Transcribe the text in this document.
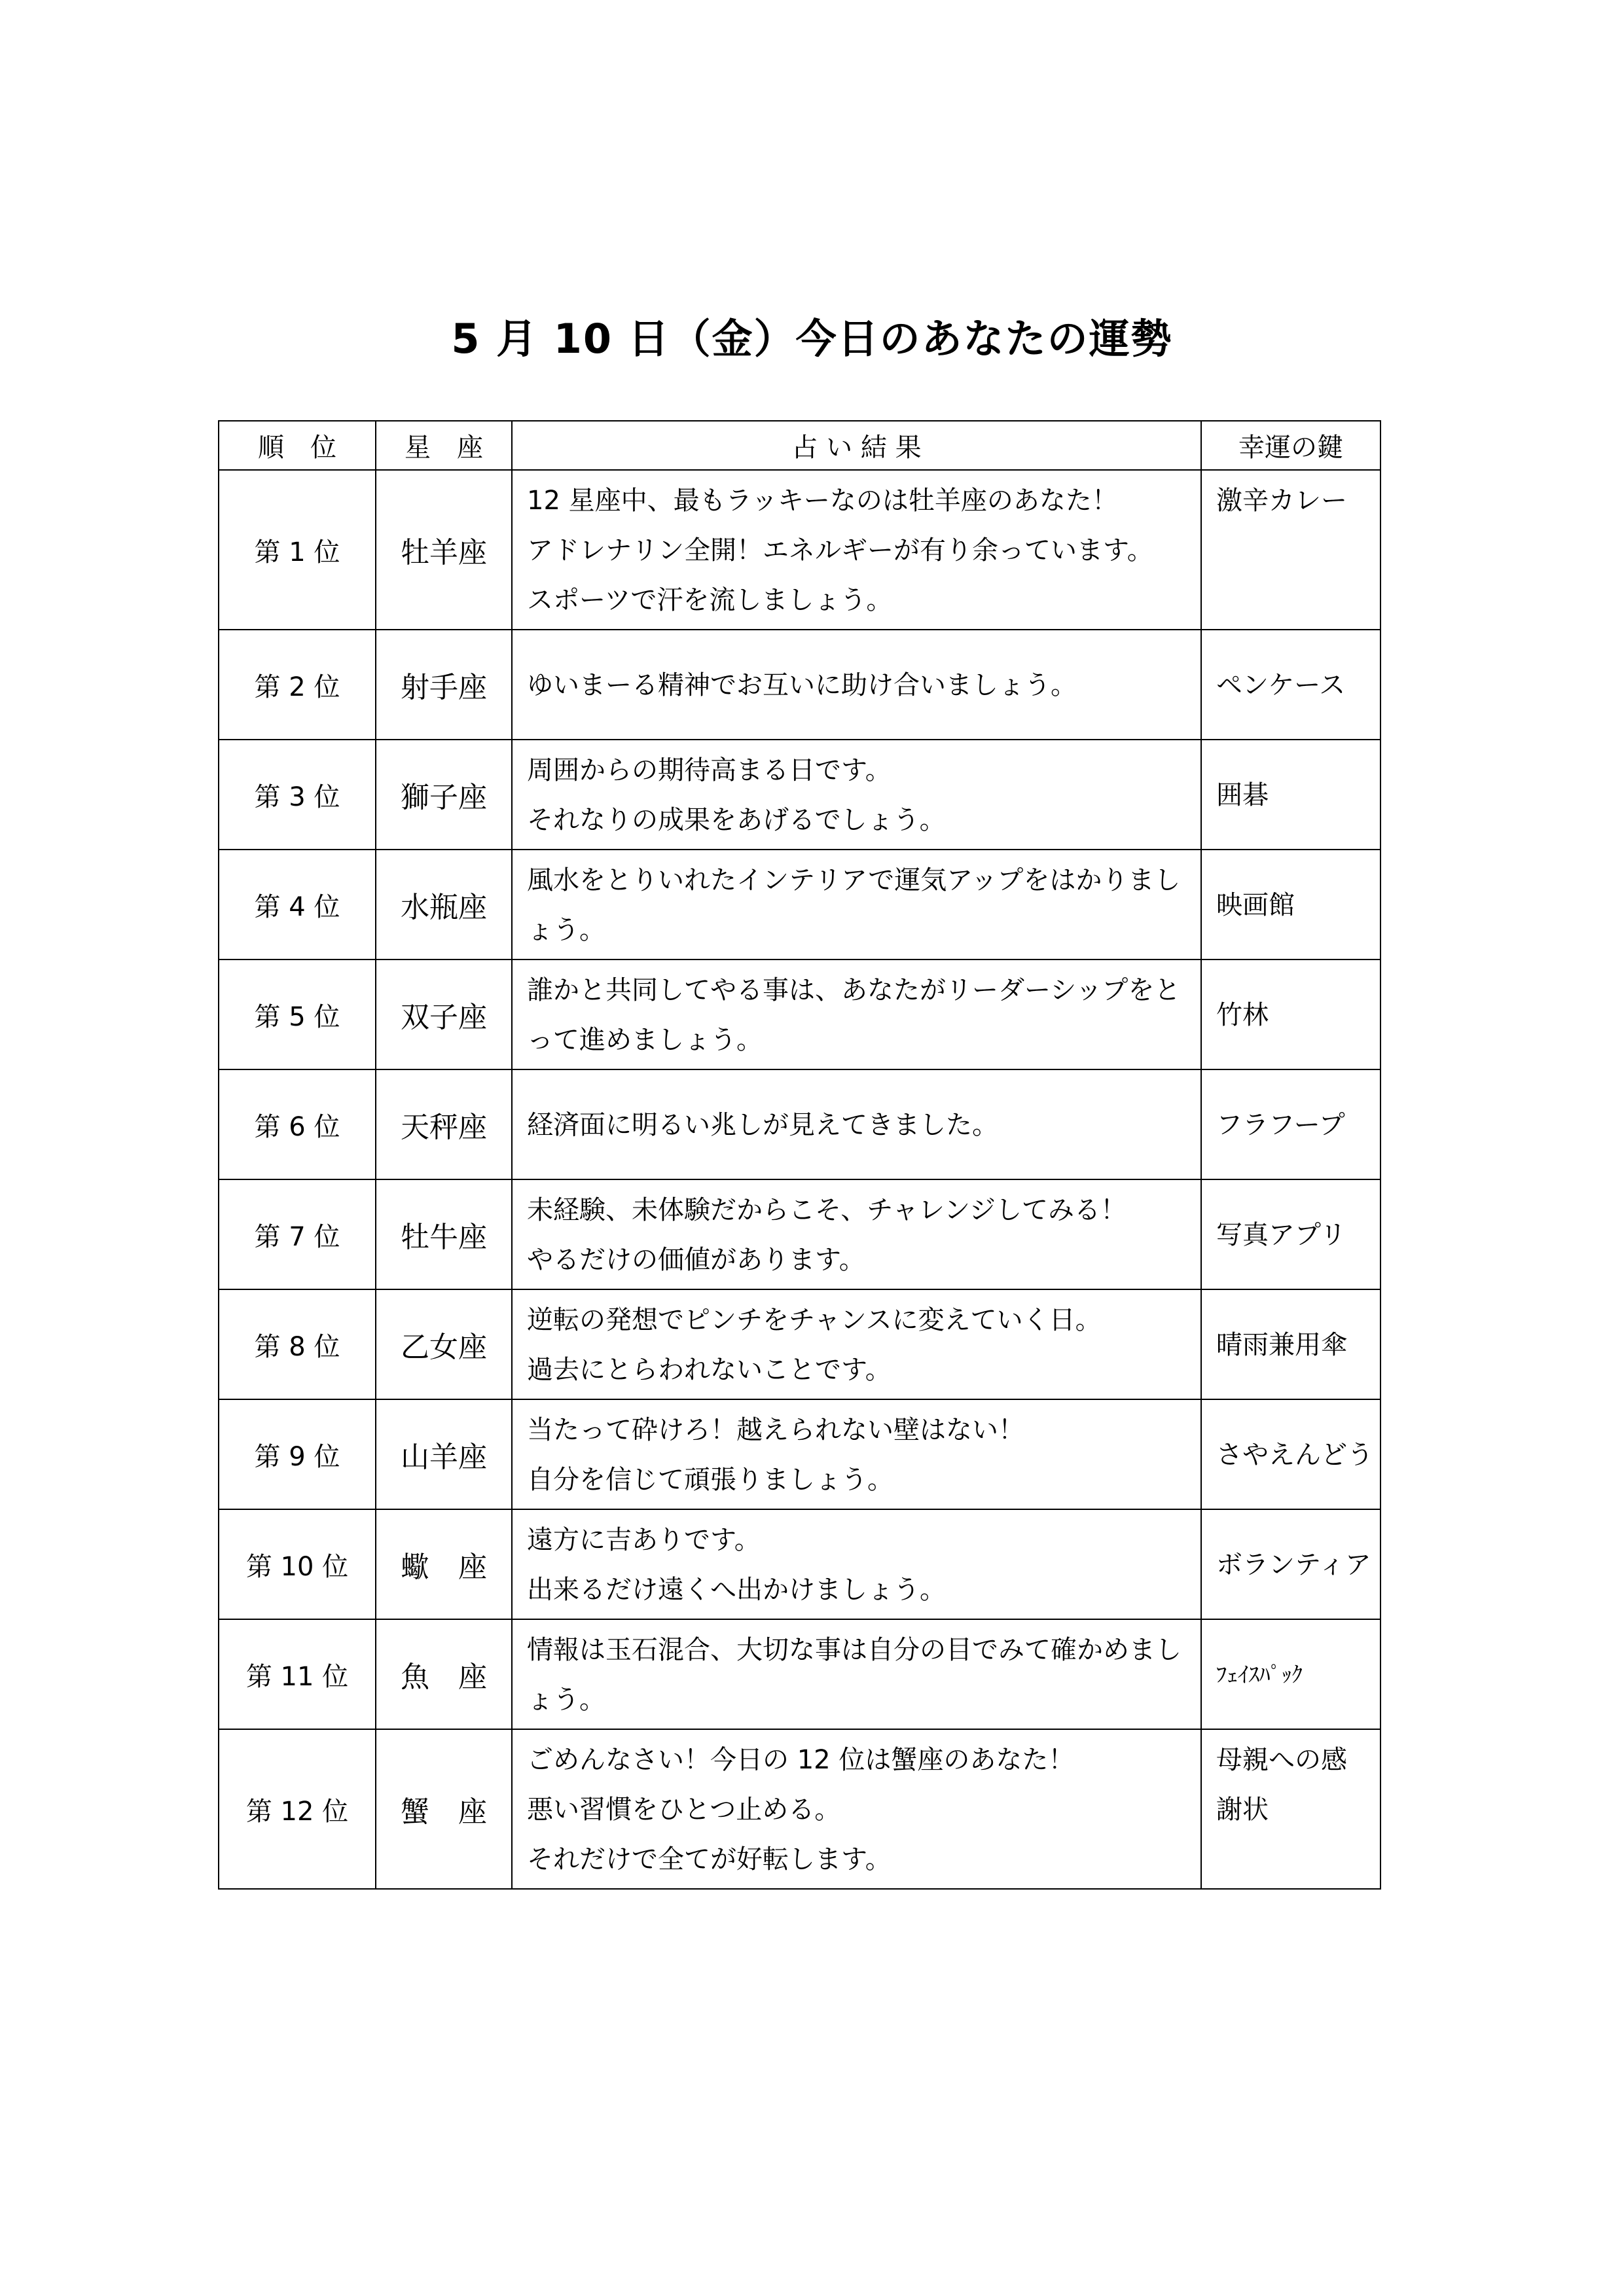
5 月 10 日（金）今日のあなたの運勢
順　位	星　座	占 い 結 果	幸運の鍵
第 1 位	牡羊座	12 星座中、最もラッキーなのは牡羊座のあなた！
アドレナリン全開！エネルギーが有り余っています。
スポーツで汗を流しましょう。	激辛カレー
第 2 位	射手座	ゆいまーる精神でお互いに助け合いましょう。	ペンケース
第 3 位	獅子座	周囲からの期待高まる日です。
それなりの成果をあげるでしょう。	囲碁
第 4 位	水瓶座	風水をとりいれたインテリアで運気アップをはかりましょう。	映画館
第 5 位	双子座	誰かと共同してやる事は、あなたがリーダーシップをとって進めましょう。	竹林
第 6 位	天秤座	経済面に明るい兆しが見えてきました。	フラフープ
第 7 位	牡牛座	未経験、未体験だからこそ、チャレンジしてみる！
やるだけの価値があります。	写真アプリ
第 8 位	乙女座	逆転の発想でピンチをチャンスに変えていく日。
過去にとらわれないことです。	晴雨兼用傘
第 9 位	山羊座	当たって砕けろ！越えられない壁はない！
自分を信じて頑張りましょう。	さやえんどう
第 10 位	蠍　座	遠方に吉ありです。
出来るだけ遠くへ出かけましょう。	ボランティア
第 11 位	魚　座	情報は玉石混合、大切な事は自分の目でみて確かめましょう。	ﾌｪｲｽﾊﾟｯｸ
第 12 位	蟹　座	ごめんなさい！今日の 12 位は蟹座のあなた！
悪い習慣をひとつ止める。
それだけで全てが好転します。	母親への感
謝状
